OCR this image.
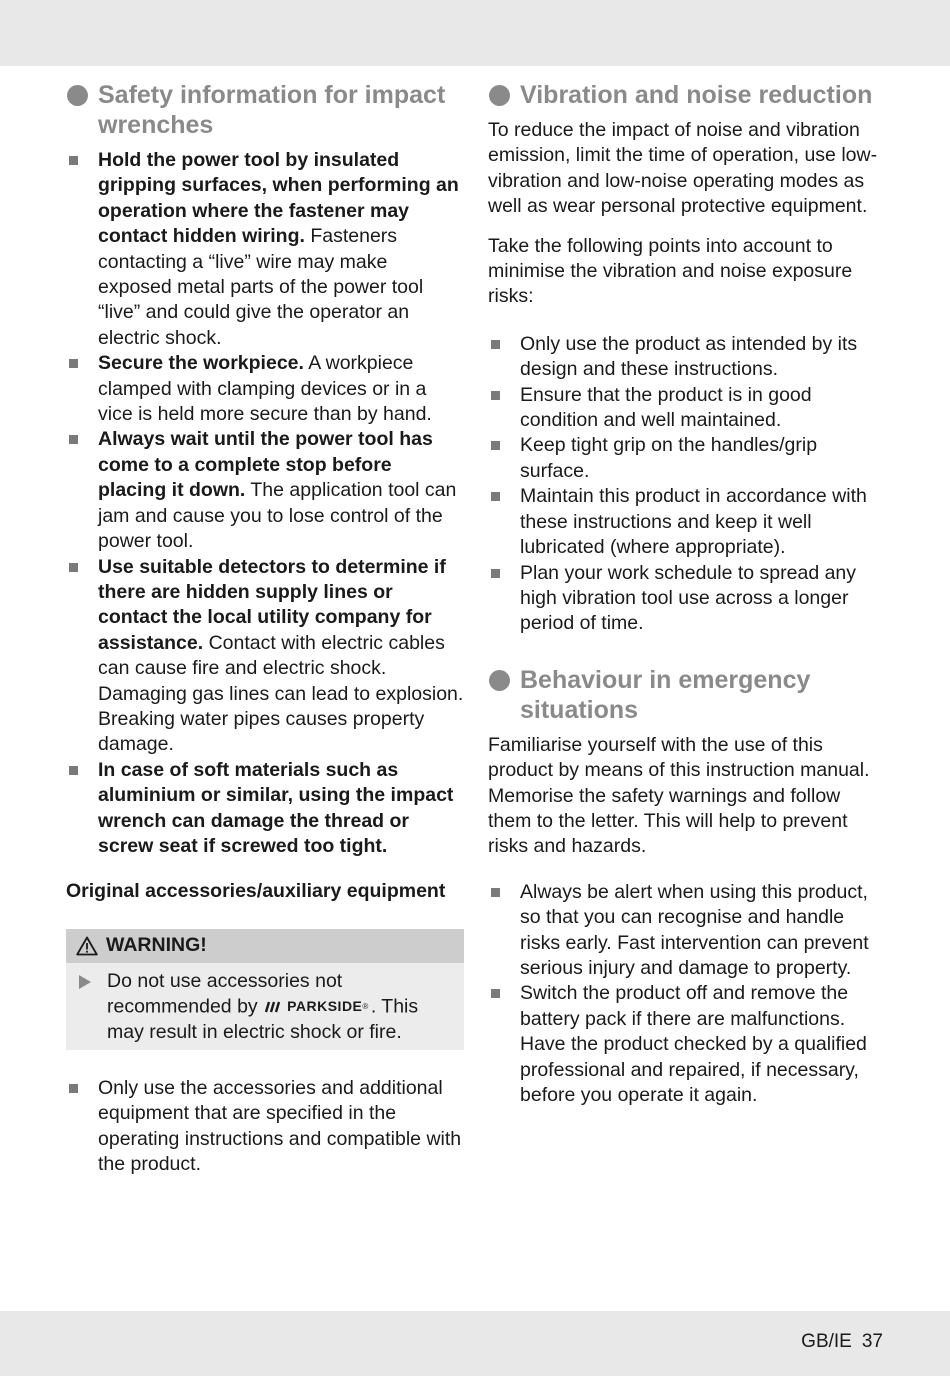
Safety information for impact wrenches
Hold the power tool by insulated gripping surfaces, when performing an operation where the fastener may contact hidden wiring. Fasteners contacting a “live” wire may make exposed metal parts of the power tool “live” and could give the operator an electric shock.
Secure the workpiece. A workpiece clamped with clamping devices or in a vice is held more secure than by hand.
Always wait until the power tool has come to a complete stop before placing it down. The application tool can jam and cause you to lose control of the power tool.
Use suitable detectors to determine if there are hidden supply lines or contact the local utility company for assistance. Contact with electric cables can cause fire and electric shock. Damaging gas lines can lead to explosion. Breaking water pipes causes property damage.
In case of soft materials such as aluminium or similar, using the impact wrench can damage the thread or screw seat if screwed too tight.
Original accessories/auxiliary equipment
WARNING!
Do not use accessories not recommended by PARKSIDE ® . This may result in electric shock or fire.
Only use the accessories and additional equipment that are specified in the operating instructions and compatible with the product.
Vibration and noise reduction

To reduce the impact of noise and vibration emission, limit the time of operation, use low-vibration and low-noise operating modes as well as wear personal protective equipment.

Take the following points into account to minimise the vibration and noise exposure risks:

Only use the product as intended by its design and these instructions.
Ensure that the product is in good condition and well maintained.
Keep tight grip on the handles/grip surface.
Maintain this product in accordance with these instructions and keep it well lubricated (where appropriate).
Plan your work schedule to spread any high vibration tool use across a longer period of time.
Behaviour in emergency situations

Familiarise yourself with the use of this product by means of this instruction manual. Memorise the safety warnings and follow them to the letter. This will help to prevent risks and hazards.

Always be alert when using this product, so that you can recognise and handle risks early. Fast intervention can prevent serious injury and damage to property.
Switch the product off and remove the battery pack if there are malfunctions. Have the product checked by a qualified professional and repaired, if necessary, before you operate it again.
GB/IE 37
